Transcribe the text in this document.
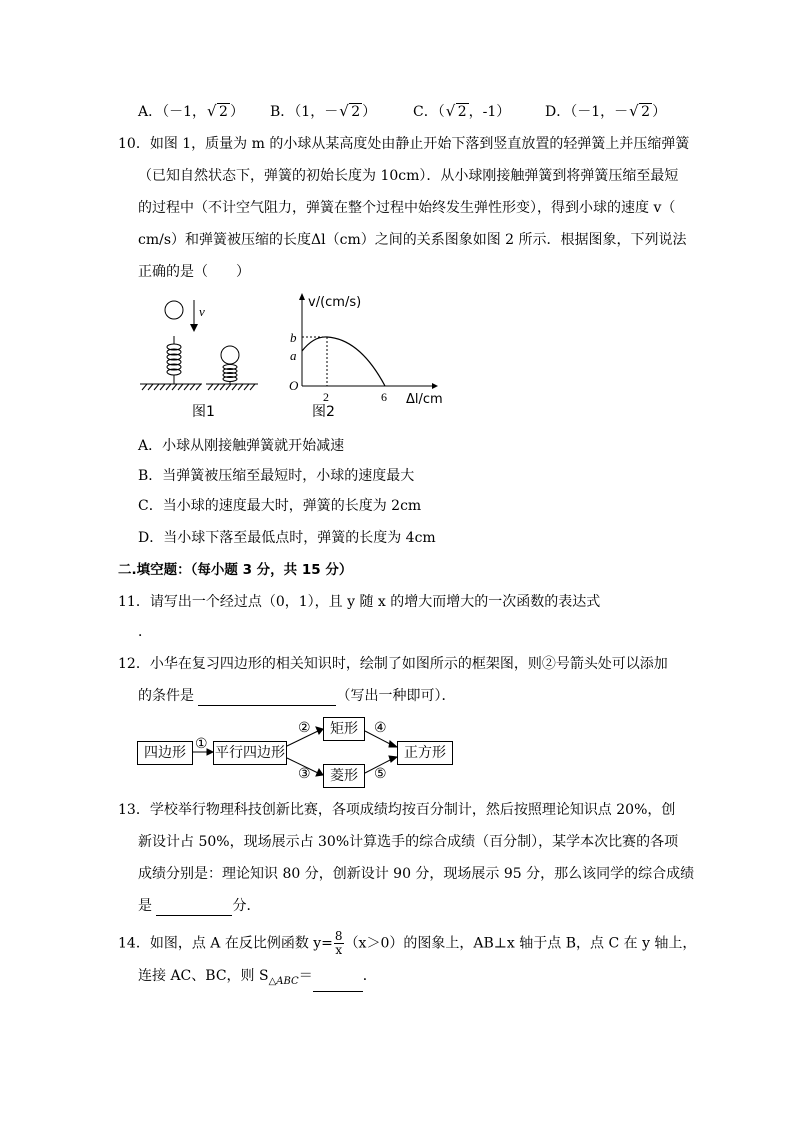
A．（－1， √ 2 ） B．（1，－ √ 2 ）	C．（ √ 2 ，-1） D．（－1，－ √ 2 ）
10．如图 1，质量为 m 的小球从某高度处由静止开始下落到竖直放置的轻弹簧上并压缩弹簧
（已知自然状态下，弹簧的初始长度为 10cm）．从小球刚接触弹簧到将弹簧压缩至最短
的过程中（不计空气阻力，弹簧在整个过程中始终发生弹性形变），得到小球的速度 v（
cm/s）和弹簧被压缩的长度Δl（cm）之间的关系图象如图 2 所示．根据图象，下列说法
正确的是（　　）
v
图1
v/(cm/s)
b
a
O
2	6 Δl/cm
图2
A．小球从刚接触弹簧就开始减速
B．当弹簧被压缩至最短时，小球的速度最大
C．当小球的速度最大时，弹簧的长度为 2cm
D．当小球下落至最低点时，弹簧的长度为 4cm
二.填空题：（每小题 3 分，共 15 分）
11．请写出一个经过点（0，1），且 y 随 x 的增大而增大的一次函数的表达式
．
12．小华在复习四边形的相关知识时，绘制了如图所示的框架图，则②号箭头处可以添加
的条件是	（写出一种即可）．
四边形	平行四边形
矩形
菱形
正方形
①
②
③
④
⑤
13．学校举行物理科技创新比赛，各项成绩均按百分制计，然后按照理论知识点 20%，创
新设计占 50%，现场展示占 30%计算选手的综合成绩（百分制），某学本次比赛的各项
成绩分别是：理论知识 80 分，创新设计 90 分，现场展示 95 分，那么该同学的综合成绩
是	分．
14．如图，点 A 在反比例函数 $y= \frac{8}{x} (x>0)$的图象上，AB⊥x 轴于点 B，点 C 在 y 轴上，
连接 AC、BC，则 $S_{\triangle ABC}=$	．
